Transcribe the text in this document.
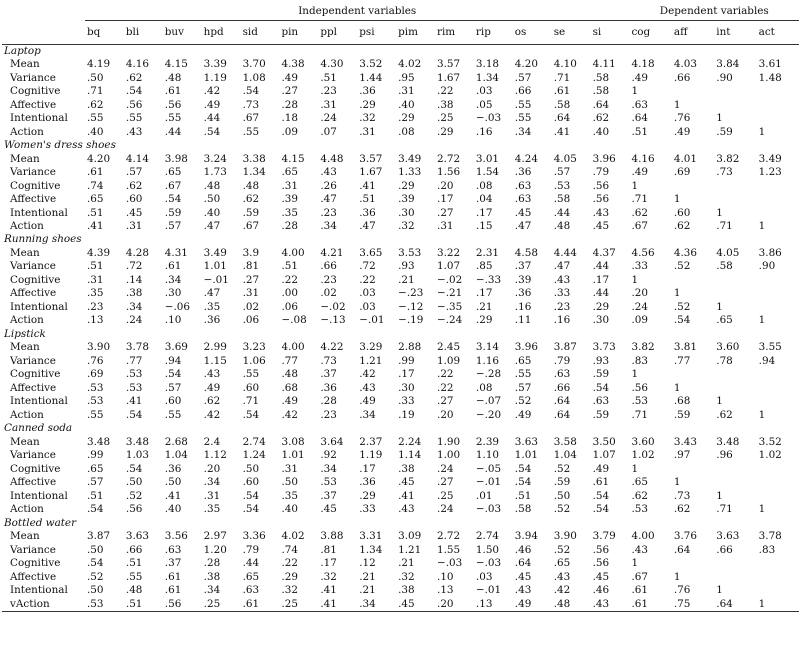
	Independent variables														Dependent variables			
	bq	bli	buv	hpd	sid	pin	ppl	psi	pim	rim	rip	os	se	si	cog	aff	int	act
Laptop																		
Mean	4.19	4.16	4.15	3.39	3.70	4.38	4.30	3.52	4.02	3.57	3.18	4.20	4.10	4.11	4.18	4.03	3.84	3.61
Variance	.50	.62	.48	1.19	1.08	.49	.51	1.44	.95	1.67	1.34	.57	.71	.58	.49	.66	.90	1.48
Cognitive	.71	.54	.61	.42	.54	.27	.23	.36	.31	.22	.03	.66	.61	.58	1			
Affective	.62	.56	.56	.49	.73	.28	.31	.29	.40	.38	.05	.55	.58	.64	.63	1		
Intentional	.55	.55	.55	.44	.67	.18	.24	.32	.29	.25	−.03	.55	.64	.62	.64	.76	1	
Action	.40	.43	.44	.54	.55	.09	.07	.31	.08	.29	.16	.34	.41	.40	.51	.49	.59	1
Women's dress shoes																		
Mean	4.20	4.14	3.98	3.24	3.38	4.15	4.48	3.57	3.49	2.72	3.01	4.24	4.05	3.96	4.16	4.01	3.82	3.49
Variance	.61	.57	.65	1.73	1.34	.65	.43	1.67	1.33	1.56	1.54	.36	.57	.79	.49	.69	.73	1.23
Cognitive	.74	.62	.67	.48	.48	.31	.26	.41	.29	.20	.08	.63	.53	.56	1			
Affective	.65	.60	.54	.50	.62	.39	.47	.51	.39	.17	.04	.63	.58	.56	.71	1		
Intentional	.51	.45	.59	.40	.59	.35	.23	.36	.30	.27	.17	.45	.44	.43	.62	.60	1	
Action	.41	.31	.57	.47	.67	.28	.34	.47	.32	.31	.15	.47	.48	.45	.67	.62	.71	1
Running shoes																		
Mean	4.39	4.28	4.31	3.49	3.9	4.00	4.21	3.65	3.53	3.22	2.31	4.58	4.44	4.37	4.56	4.36	4.05	3.86
Variance	.51	.72	.61	1.01	.81	.51	.66	.72	.93	1.07	.85	.37	.47	.44	.33	.52	.58	.90
Cognitive	.31	.14	.34	−.01	.27	.22	.23	.22	.21	−.02	−.33	.39	.43	.17	1			
Affective	.35	.38	.30	.47	.31	.00	.02	.03	−.23	−.21	.17	.36	.33	.44	.20	1		
Intentional	.23	.34	−.06	.35	.02	.06	−.02	.03	−.12	−.35	.21	.16	.23	.29	.24	.52	1	
Action	.13	.24	.10	.36	.06	−.08	−.13	−.01	−.19	−.24	.29	.11	.16	.30	.09	.54	.65	1
Lipstick																		
Mean	3.90	3.78	3.69	2.99	3.23	4.00	4.22	3.29	2.88	2.45	3.14	3.96	3.87	3.73	3.82	3.81	3.60	3.55
Variance	.76	.77	.94	1.15	1.06	.77	.73	1.21	.99	1.09	1.16	.65	.79	.93	.83	.77	.78	.94
Cognitive	.69	.53	.54	.43	.55	.48	.37	.42	.17	.22	−.28	.55	.63	.59	1			
Affective	.53	.53	.57	.49	.60	.68	.36	.43	.30	.22	.08	.57	.66	.54	.56	1		
Intentional	.53	.41	.60	.62	.71	.49	.28	.49	.33	.27	−.07	.52	.64	.63	.53	.68	1	
Action	.55	.54	.55	.42	.54	.42	.23	.34	.19	.20	−.20	.49	.64	.59	.71	.59	.62	1
Canned soda																		
Mean	3.48	3.48	2.68	2.4	2.74	3.08	3.64	2.37	2.24	1.90	2.39	3.63	3.58	3.50	3.60	3.43	3.48	3.52
Variance	.99	1.03	1.04	1.12	1.24	1.01	.92	1.19	1.14	1.00	1.10	1.01	1.04	1.07	1.02	.97	.96	1.02
Cognitive	.65	.54	.36	.20	.50	.31	.34	.17	.38	.24	−.05	.54	.52	.49	1			
Affective	.57	.50	.50	.34	.60	.50	.53	.36	.45	.27	−.01	.54	.59	.61	.65	1		
Intentional	.51	.52	.41	.31	.54	.35	.37	.29	.41	.25	.01	.51	.50	.54	.62	.73	1	
Action	.54	.56	.40	.35	.54	.40	.45	.33	.43	.24	−.03	.58	.52	.54	.53	.62	.71	1
Bottled water																		
Mean	3.87	3.63	3.56	2.97	3.36	4.02	3.88	3.31	3.09	2.72	2.74	3.94	3.90	3.79	4.00	3.76	3.63	3.78
Variance	.50	.66	.63	1.20	.79	.74	.81	1.34	1.21	1.55	1.50	.46	.52	.56	.43	.64	.66	.83
Cognitive	.54	.51	.37	.28	.44	.22	.17	.12	.21	−.03	−.03	.64	.65	.56	1			
Affective	.52	.55	.61	.38	.65	.29	.32	.21	.32	.10	.03	.45	.43	.45	.67	1		
Intentional	.50	.48	.61	.34	.63	.32	.41	.21	.38	.13	−.01	.43	.42	.46	.61	.76	1	
vAction	.53	.51	.56	.25	.61	.25	.41	.34	.45	.20	.13	.49	.48	.43	.61	.75	.64	1
